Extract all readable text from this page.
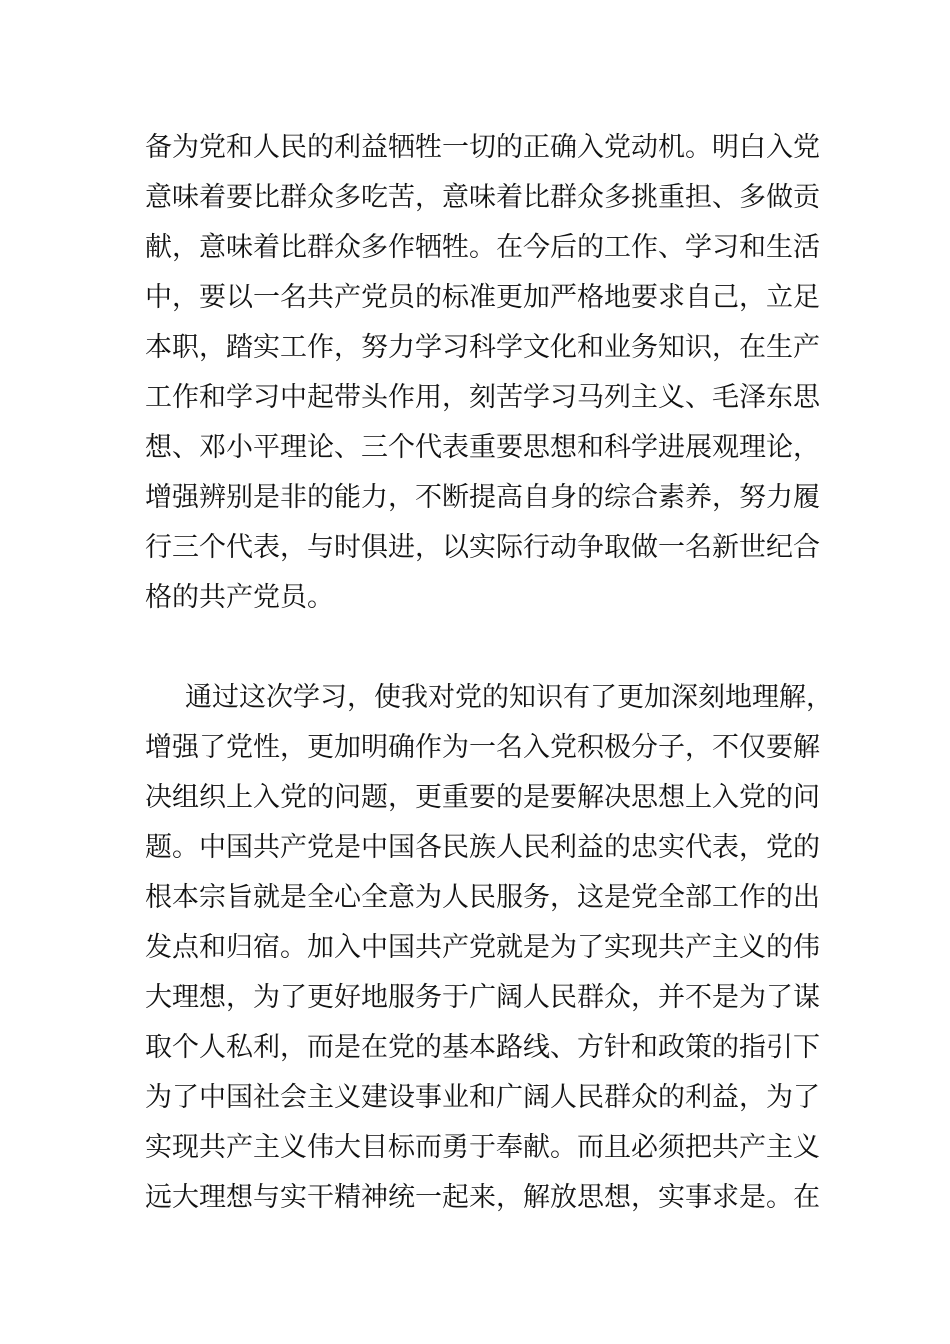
备为党和人民的利益牺牲一切的正确入党动机。明白入党
意味着要比群众多吃苦，意味着比群众多挑重担、多做贡
献，意味着比群众多作牺牲。在今后的工作、学习和生活
中，要以一名共产党员的标准更加严格地要求自己，立足
本职，踏实工作，努力学习科学文化和业务知识，在生产
工作和学习中起带头作用，刻苦学习马列主义、毛泽东思
想、邓小平理论、三个代表重要思想和科学进展观理论，
增强辨别是非的能力，不断提高自身的综合素养，努力履
行三个代表，与时俱进，以实际行动争取做一名新世纪合
格的共产党员。
通过这次学习，使我对党的知识有了更加深刻地理解，
增强了党性，更加明确作为一名入党积极分子，不仅要解
决组织上入党的问题，更重要的是要解决思想上入党的问
题。中国共产党是中国各民族人民利益的忠实代表，党的
根本宗旨就是全心全意为人民服务，这是党全部工作的出
发点和归宿。加入中国共产党就是为了实现共产主义的伟
大理想，为了更好地服务于广阔人民群众，并不是为了谋
取个人私利，而是在党的基本路线、方针和政策的指引下
为了中国社会主义建设事业和广阔人民群众的利益，为了
实现共产主义伟大目标而勇于奉献。而且必须把共产主义
远大理想与实干精神统一起来，解放思想，实事求是。在
